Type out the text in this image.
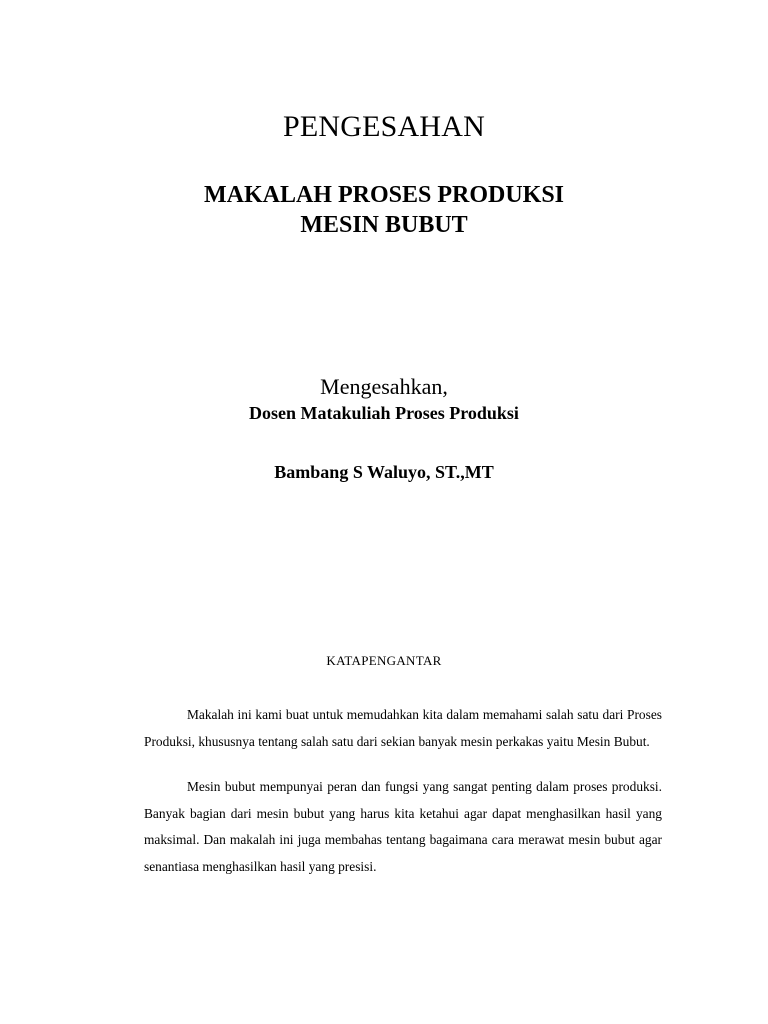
PENGESAHAN
MAKALAH PROSES PRODUKSI
MESIN BUBUT
Mengesahkan,
Dosen Matakuliah Proses Produksi
Bambang S Waluyo, ST.,MT
KATAPENGANTAR

Makalah ini kami buat untuk memudahkan kita dalam memahami salah satu dari Proses Produksi, khususnya tentang salah satu dari sekian banyak mesin perkakas yaitu Mesin Bubut.

Mesin bubut mempunyai peran dan fungsi yang sangat penting dalam proses produksi. Banyak bagian dari mesin bubut yang harus kita ketahui agar dapat menghasilkan hasil yang maksimal. Dan makalah ini juga membahas tentang bagaimana cara merawat mesin bubut agar senantiasa menghasilkan hasil yang presisi.
